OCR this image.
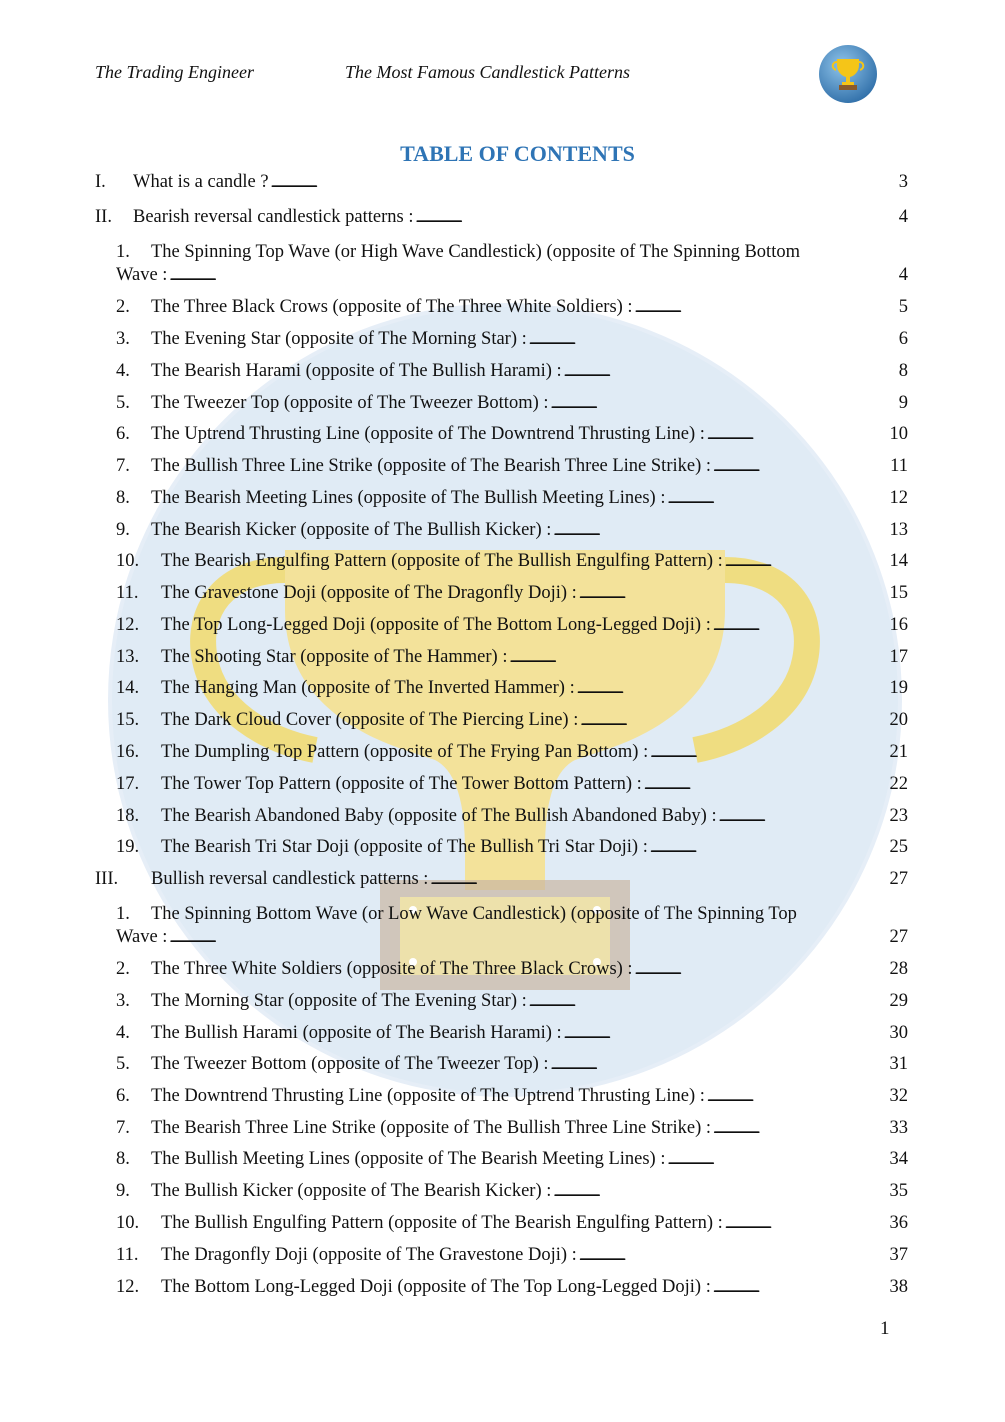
The Trading Engineer	The Most Famous Candlestick Patterns
TABLE OF CONTENTS
I. What is a candle ? . . .	3
II. Bearish reversal candlestick patterns : . . .	4
1. The Spinning Top Wave (or High Wave Candlestick) (opposite of The Spinning Bottom
Wave : . . .	4
2. The Three Black Crows (opposite of The Three White Soldiers) : . . .	5
3. The Evening Star (opposite of The Morning Star) : . . .	6
4. The Bearish Harami (opposite of The Bullish Harami) : . . .	8
5. The Tweezer Top (opposite of The Tweezer Bottom) : . . .	9
6. The Uptrend Thrusting Line (opposite of The Downtrend Thrusting Line) : . . .	10
7. The Bullish Three Line Strike (opposite of The Bearish Three Line Strike) : . . .	11
8. The Bearish Meeting Lines (opposite of The Bullish Meeting Lines) : . . .	12
9. The Bearish Kicker (opposite of The Bullish Kicker) : . . .	13
10. The Bearish Engulfing Pattern (opposite of The Bullish Engulfing Pattern) : . . .	14
11. The Gravestone Doji (opposite of The Dragonfly Doji) : . . .	15
12. The Top Long-Legged Doji (opposite of The Bottom Long-Legged Doji) : . . .	16
13. The Shooting Star (opposite of The Hammer) : . . .	17
14. The Hanging Man (opposite of The Inverted Hammer) : . . .	19
15. The Dark Cloud Cover (opposite of The Piercing Line) : . . .	20
16. The Dumpling Top Pattern (opposite of The Frying Pan Bottom) : . . .	21
17. The Tower Top Pattern (opposite of The Tower Bottom Pattern) : . . .	22
18. The Bearish Abandoned Baby (opposite of The Bullish Abandoned Baby) : . . .	23
19. The Bearish Tri Star Doji (opposite of The Bullish Tri Star Doji) : . . .	25
III. Bullish reversal candlestick patterns : . . .	27
1. The Spinning Bottom Wave (or Low Wave Candlestick) (opposite of The Spinning Top
Wave : . . .	27
2. The Three White Soldiers (opposite of The Three Black Crows) : . . .	28
3. The Morning Star (opposite of The Evening Star) : . . .	29
4. The Bullish Harami (opposite of The Bearish Harami) : . . .	30
5. The Tweezer Bottom (opposite of The Tweezer Top) : . . .	31
6. The Downtrend Thrusting Line (opposite of The Uptrend Thrusting Line) : . . .	32
7. The Bearish Three Line Strike (opposite of The Bullish Three Line Strike) : . . .	33
8. The Bullish Meeting Lines (opposite of The Bearish Meeting Lines) : . . .	34
9. The Bullish Kicker (opposite of The Bearish Kicker) : . . .	35
10. The Bullish Engulfing Pattern (opposite of The Bearish Engulfing Pattern) : . . .	36
11. The Dragonfly Doji (opposite of The Gravestone Doji) : . . .	37
12. The Bottom Long-Legged Doji (opposite of The Top Long-Legged Doji) : . . .	38
1
